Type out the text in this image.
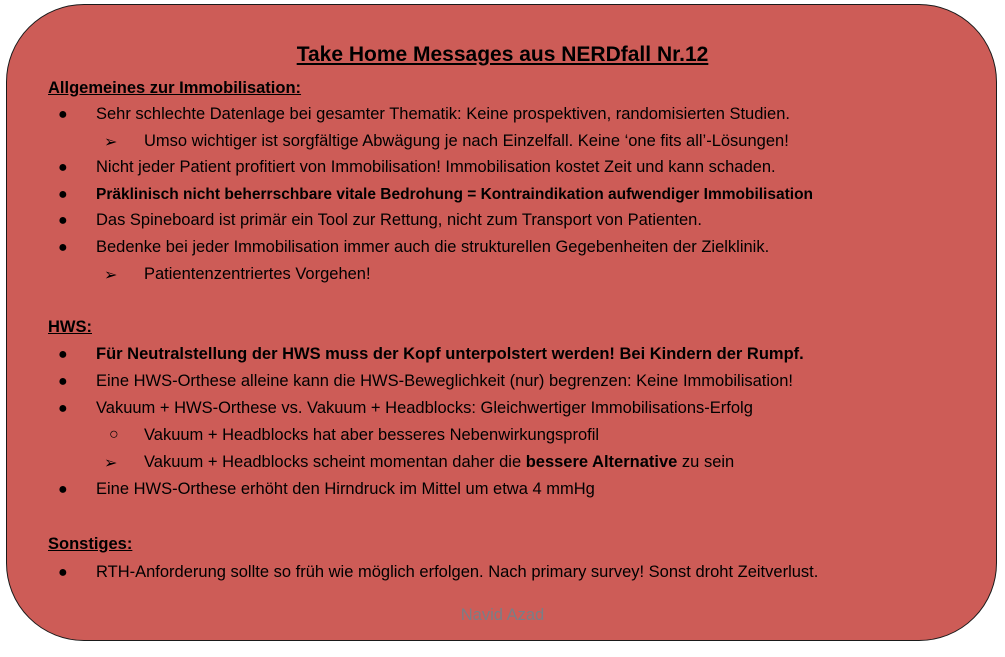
Take Home Messages aus NERDfall Nr.12
Allgemeines zur Immobilisation:
● Sehr schlechte Datenlage bei gesamter Thematik: Keine prospektiven, randomisierten Studien.
➢ Umso wichtiger ist sorgfältige Abwägung je nach Einzelfall. Keine ‘one fits all’-Lösungen!
● Nicht jeder Patient profitiert von Immobilisation! Immobilisation kostet Zeit und kann schaden.
● Präklinisch nicht beherrschbare vitale Bedrohung = Kontraindikation aufwendiger Immobilisation
● Das Spineboard ist primär ein Tool zur Rettung, nicht zum Transport von Patienten.
● Bedenke bei jeder Immobilisation immer auch die strukturellen Gegebenheiten der Zielklinik.
➢ Patientenzentriertes Vorgehen!
HWS:
● Für Neutralstellung der HWS muss der Kopf unterpolstert werden! Bei Kindern der Rumpf.
● Eine HWS-Orthese alleine kann die HWS-Beweglichkeit (nur) begrenzen: Keine Immobilisation!
● Vakuum + HWS-Orthese vs. Vakuum + Headblocks: Gleichwertiger Immobilisations-Erfolg
○ Vakuum + Headblocks hat aber besseres Nebenwirkungsprofil
➢ Vakuum + Headblocks scheint momentan daher die bessere Alternative zu sein
● Eine HWS-Orthese erhöht den Hirndruck im Mittel um etwa 4 mmHg
Sonstiges:
● RTH-Anforderung sollte so früh wie möglich erfolgen. Nach primary survey! Sonst droht Zeitverlust.
Navid Azad
